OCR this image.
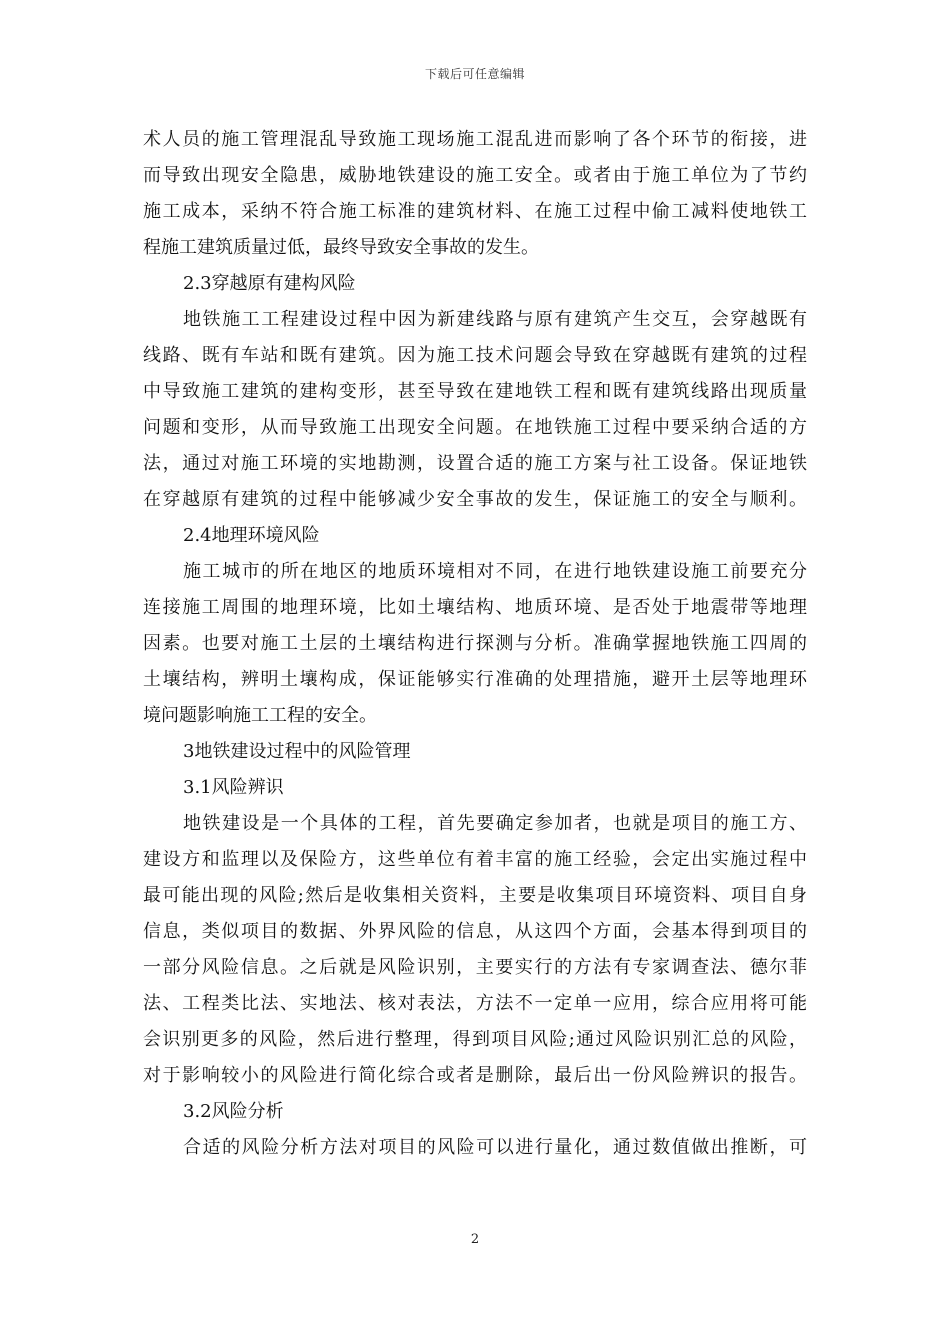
下载后可任意编辑
术人员的施工管理混乱导致施工现场施工混乱进而影响了各个环节的衔接，进
而导致出现安全隐患，威胁地铁建设的施工安全。或者由于施工单位为了节约
施工成本，采纳不符合施工标准的建筑材料、在施工过程中偷工减料使地铁工
程施工建筑质量过低，最终导致安全事故的发生。
2.3穿越原有建构风险
地铁施工工程建设过程中因为新建线路与原有建筑产生交互，会穿越既有
线路、既有车站和既有建筑。因为施工技术问题会导致在穿越既有建筑的过程
中导致施工建筑的建构变形，甚至导致在建地铁工程和既有建筑线路出现质量
问题和变形，从而导致施工出现安全问题。在地铁施工过程中要采纳合适的方
法，通过对施工环境的实地勘测，设置合适的施工方案与社工设备。保证地铁
在穿越原有建筑的过程中能够减少安全事故的发生，保证施工的安全与顺利。
2.4地理环境风险
施工城市的所在地区的地质环境相对不同，在进行地铁建设施工前要充分
连接施工周围的地理环境，比如土壤结构、地质环境、是否处于地震带等地理
因素。也要对施工土层的土壤结构进行探测与分析。准确掌握地铁施工四周的
土壤结构，辨明土壤构成，保证能够实行准确的处理措施，避开土层等地理环
境问题影响施工工程的安全。
3地铁建设过程中的风险管理
3.1风险辨识
地铁建设是一个具体的工程，首先要确定参加者，也就是项目的施工方、
建设方和监理以及保险方，这些单位有着丰富的施工经验，会定出实施过程中
最可能出现的风险;然后是收集相关资料，主要是收集项目环境资料、项目自身
信息，类似项目的数据、外界风险的信息，从这四个方面，会基本得到项目的
一部分风险信息。之后就是风险识别，主要实行的方法有专家调查法、德尔菲
法、工程类比法、实地法、核对表法，方法不一定单一应用，综合应用将可能
会识别更多的风险，然后进行整理，得到项目风险;通过风险识别汇总的风险，
对于影响较小的风险进行简化综合或者是删除，最后出一份风险辨识的报告。
3.2风险分析
合适的风险分析方法对项目的风险可以进行量化，通过数值做出推断，可
2
